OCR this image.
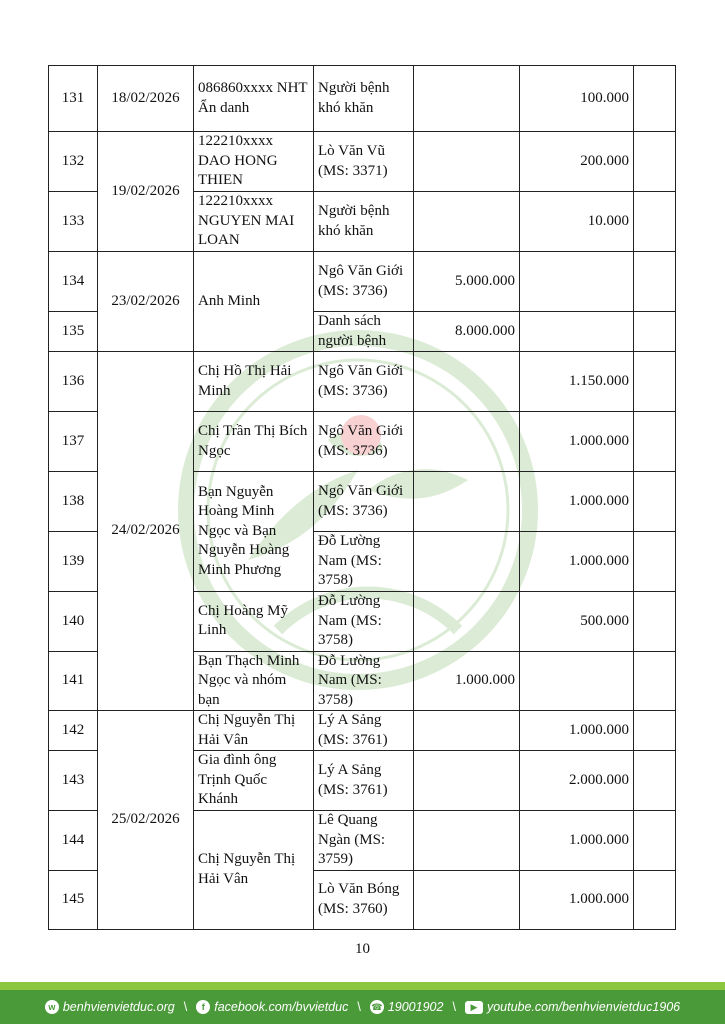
131	18/02/2026	086860xxxx NHT Ẩn danh	Người bệnh khó khăn		100.000	
132	19/02/2026	122210xxxx DAO HONG THIEN	Lò Văn Vũ (MS: 3371)		200.000	
133		122210xxxx NGUYEN MAI LOAN	Người bệnh khó khăn		10.000	
134	23/02/2026	Anh Minh	Ngô Văn Giới (MS: 3736)	5.000.000		
135			Danh sách người bệnh	8.000.000		
136	24/02/2026	Chị Hồ Thị Hải Minh	Ngô Văn Giới (MS: 3736)		1.150.000	
137		Chị Trần Thị Bích Ngọc	Ngô Văn Giới (MS: 3736)		1.000.000	
138		Bạn Nguyễn Hoàng Minh Ngọc và Bạn Nguyễn Hoàng Minh Phương	Ngô Văn Giới (MS: 3736)		1.000.000	
139			Đỗ Lường Nam (MS: 3758)		1.000.000	
140		Chị Hoàng Mỹ Linh	Đỗ Lường Nam (MS: 3758)		500.000	
141		Bạn Thạch Minh Ngọc và nhóm bạn	Đỗ Lường Nam (MS: 3758)	1.000.000		
142	25/02/2026	Chị Nguyễn Thị Hải Vân	Lý A Sảng (MS: 3761)		1.000.000	
143		Gia đình ông Trịnh Quốc Khánh	Lý A Sảng (MS: 3761)		2.000.000	
144		Chị Nguyễn Thị Hải Vân	Lê Quang Ngàn (MS: 3759)		1.000.000	
145			Lò Văn Bóng (MS: 3760)		1.000.000	
10
w benhvienvietduc.org \	f facebook.com/bvvietduc \ ☎ 19001902 \	▶ youtube.com/benhvienvietduc1906
